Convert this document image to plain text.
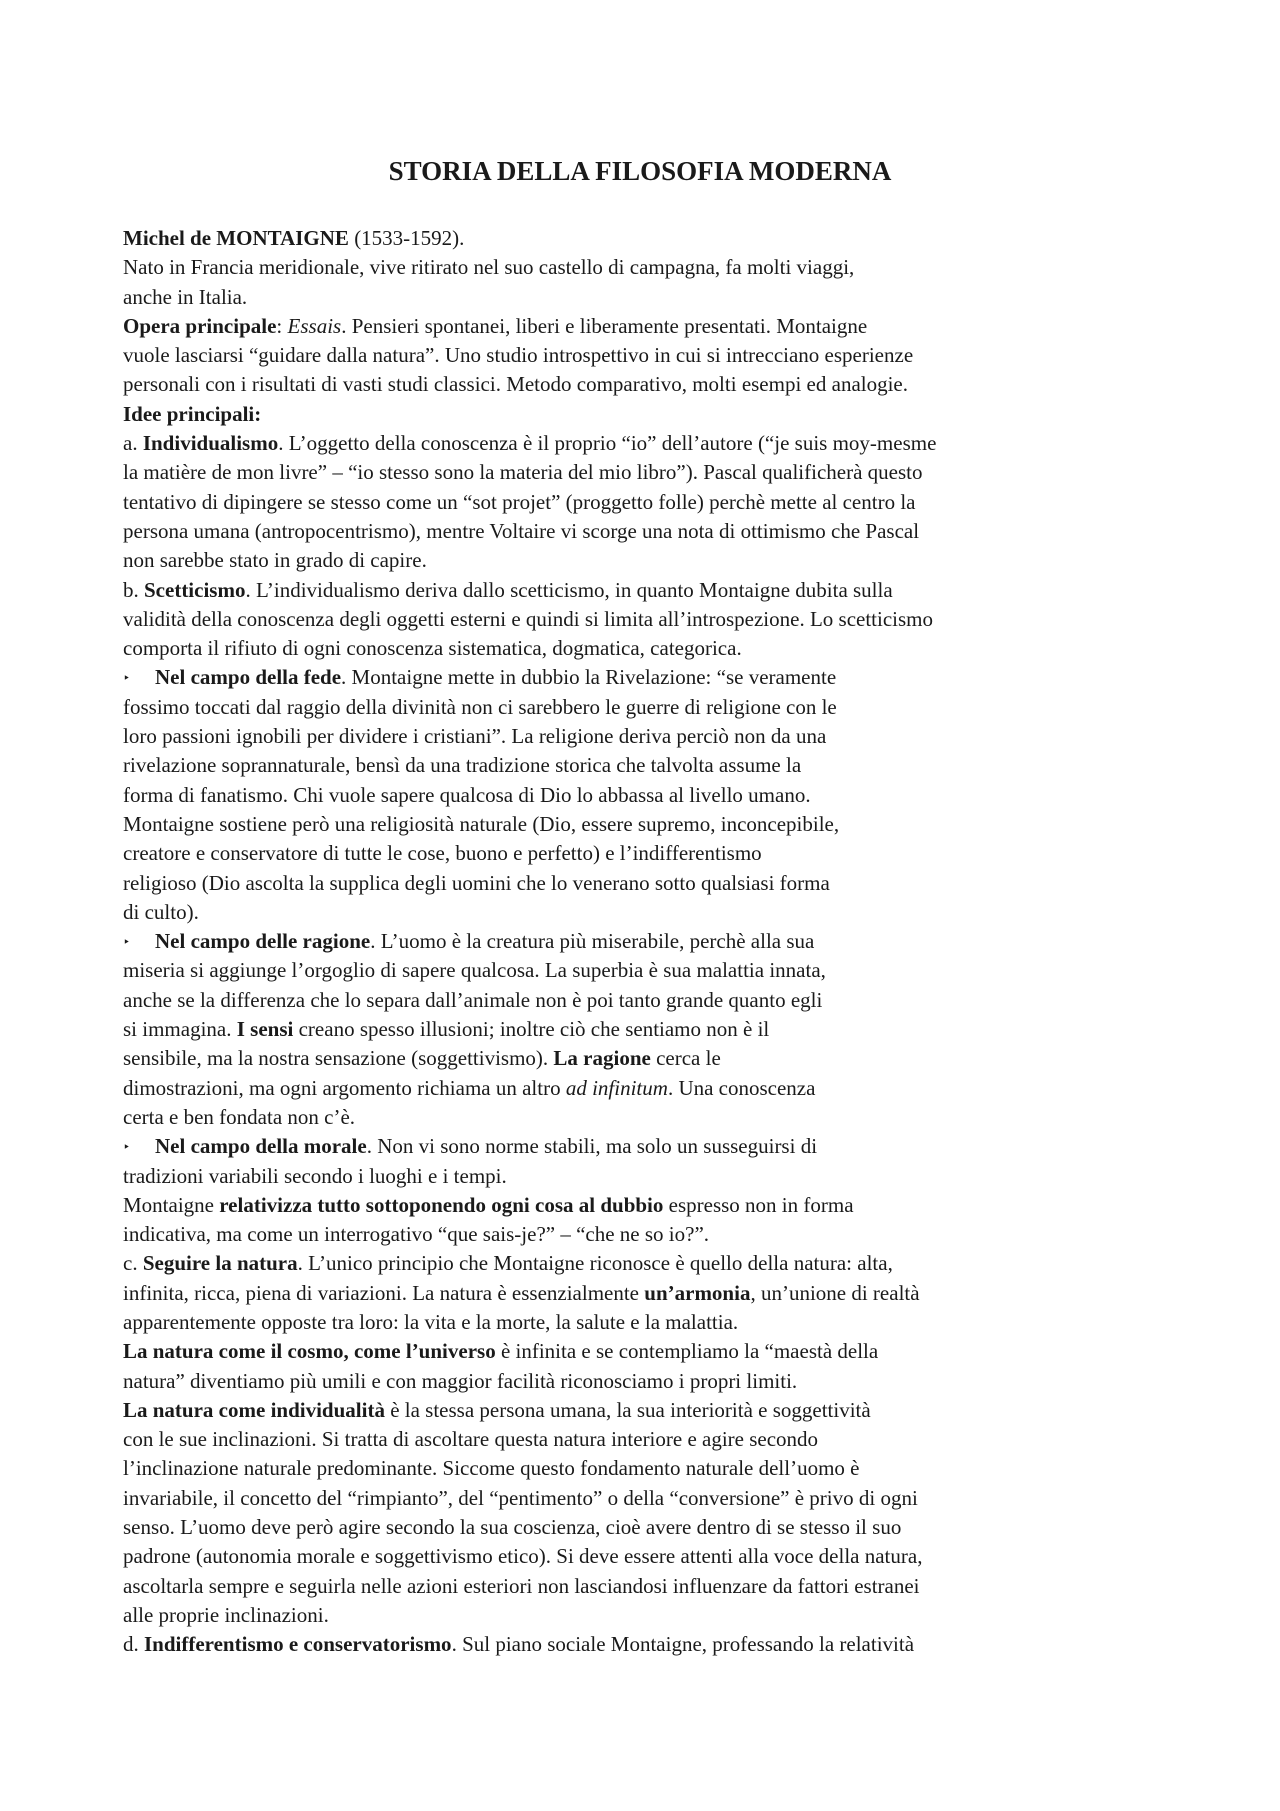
STORIA DELLA FILOSOFIA MODERNA
Michel de MONTAIGNE (1533-1592).
Nato in Francia meridionale, vive ritirato nel suo castello di campagna, fa molti viaggi,
anche in Italia.
Opera principale: Essais. Pensieri spontanei, liberi e liberamente presentati. Montaigne
vuole lasciarsi “guidare dalla natura”. Uno studio introspettivo in cui si intrecciano esperienze
personali con i risultati di vasti studi classici. Metodo comparativo, molti esempi ed analogie.
Idee principali:
a. Individualismo. L’oggetto della conoscenza è il proprio “io” dell’autore (“je suis moy-mesme
la matière de mon livre” – “io stesso sono la materia del mio libro”). Pascal qualificherà questo
tentativo di dipingere se stesso come un “sot projet” (proggetto folle) perchè mette al centro la
persona umana (antropocentrismo), mentre Voltaire vi scorge una nota di ottimismo che Pascal
non sarebbe stato in grado di capire.
b. Scetticismo. L’individualismo deriva dallo scetticismo, in quanto Montaigne dubita sulla
validità della conoscenza degli oggetti esterni e quindi si limita all’introspezione. Lo scetticismo
comporta il rifiuto di ogni conoscenza sistematica, dogmatica, categorica.
‣ Nel campo della fede. Montaigne mette in dubbio la Rivelazione: “se veramente
fossimo toccati dal raggio della divinità non ci sarebbero le guerre di religione con le
loro passioni ignobili per dividere i cristiani”. La religione deriva perciò non da una
rivelazione soprannaturale, bensì da una tradizione storica che talvolta assume la
forma di fanatismo. Chi vuole sapere qualcosa di Dio lo abbassa al livello umano.
Montaigne sostiene però una religiosità naturale (Dio, essere supremo, inconcepibile,
creatore e conservatore di tutte le cose, buono e perfetto) e l’indifferentismo
religioso (Dio ascolta la supplica degli uomini che lo venerano sotto qualsiasi forma
di culto).
‣ Nel campo delle ragione. L’uomo è la creatura più miserabile, perchè alla sua
miseria si aggiunge l’orgoglio di sapere qualcosa. La superbia è sua malattia innata,
anche se la differenza che lo separa dall’animale non è poi tanto grande quanto egli
si immagina. I sensi creano spesso illusioni; inoltre ciò che sentiamo non è il
sensibile, ma la nostra sensazione (soggettivismo). La ragione cerca le
dimostrazioni, ma ogni argomento richiama un altro ad infinitum. Una conoscenza
certa e ben fondata non c’è.
‣ Nel campo della morale. Non vi sono norme stabili, ma solo un susseguirsi di
tradizioni variabili secondo i luoghi e i tempi.
Montaigne relativizza tutto sottoponendo ogni cosa al dubbio espresso non in forma
indicativa, ma come un interrogativo “que sais-je?” – “che ne so io?”.
c. Seguire la natura. L’unico principio che Montaigne riconosce è quello della natura: alta,
infinita, ricca, piena di variazioni. La natura è essenzialmente un’armonia, un’unione di realtà
apparentemente opposte tra loro: la vita e la morte, la salute e la malattia.
La natura come il cosmo, come l’universo è infinita e se contempliamo la “maestà della
natura” diventiamo più umili e con maggior facilità riconosciamo i propri limiti.
La natura come individualità è la stessa persona umana, la sua interiorità e soggettività
con le sue inclinazioni. Si tratta di ascoltare questa natura interiore e agire secondo
l’inclinazione naturale predominante. Siccome questo fondamento naturale dell’uomo è
invariabile, il concetto del “rimpianto”, del “pentimento” o della “conversione” è privo di ogni
senso. L’uomo deve però agire secondo la sua coscienza, cioè avere dentro di se stesso il suo
padrone (autonomia morale e soggettivismo etico). Si deve essere attenti alla voce della natura,
ascoltarla sempre e seguirla nelle azioni esteriori non lasciandosi influenzare da fattori estranei
alle proprie inclinazioni.
d. Indifferentismo e conservatorismo. Sul piano sociale Montaigne, professando la relatività
